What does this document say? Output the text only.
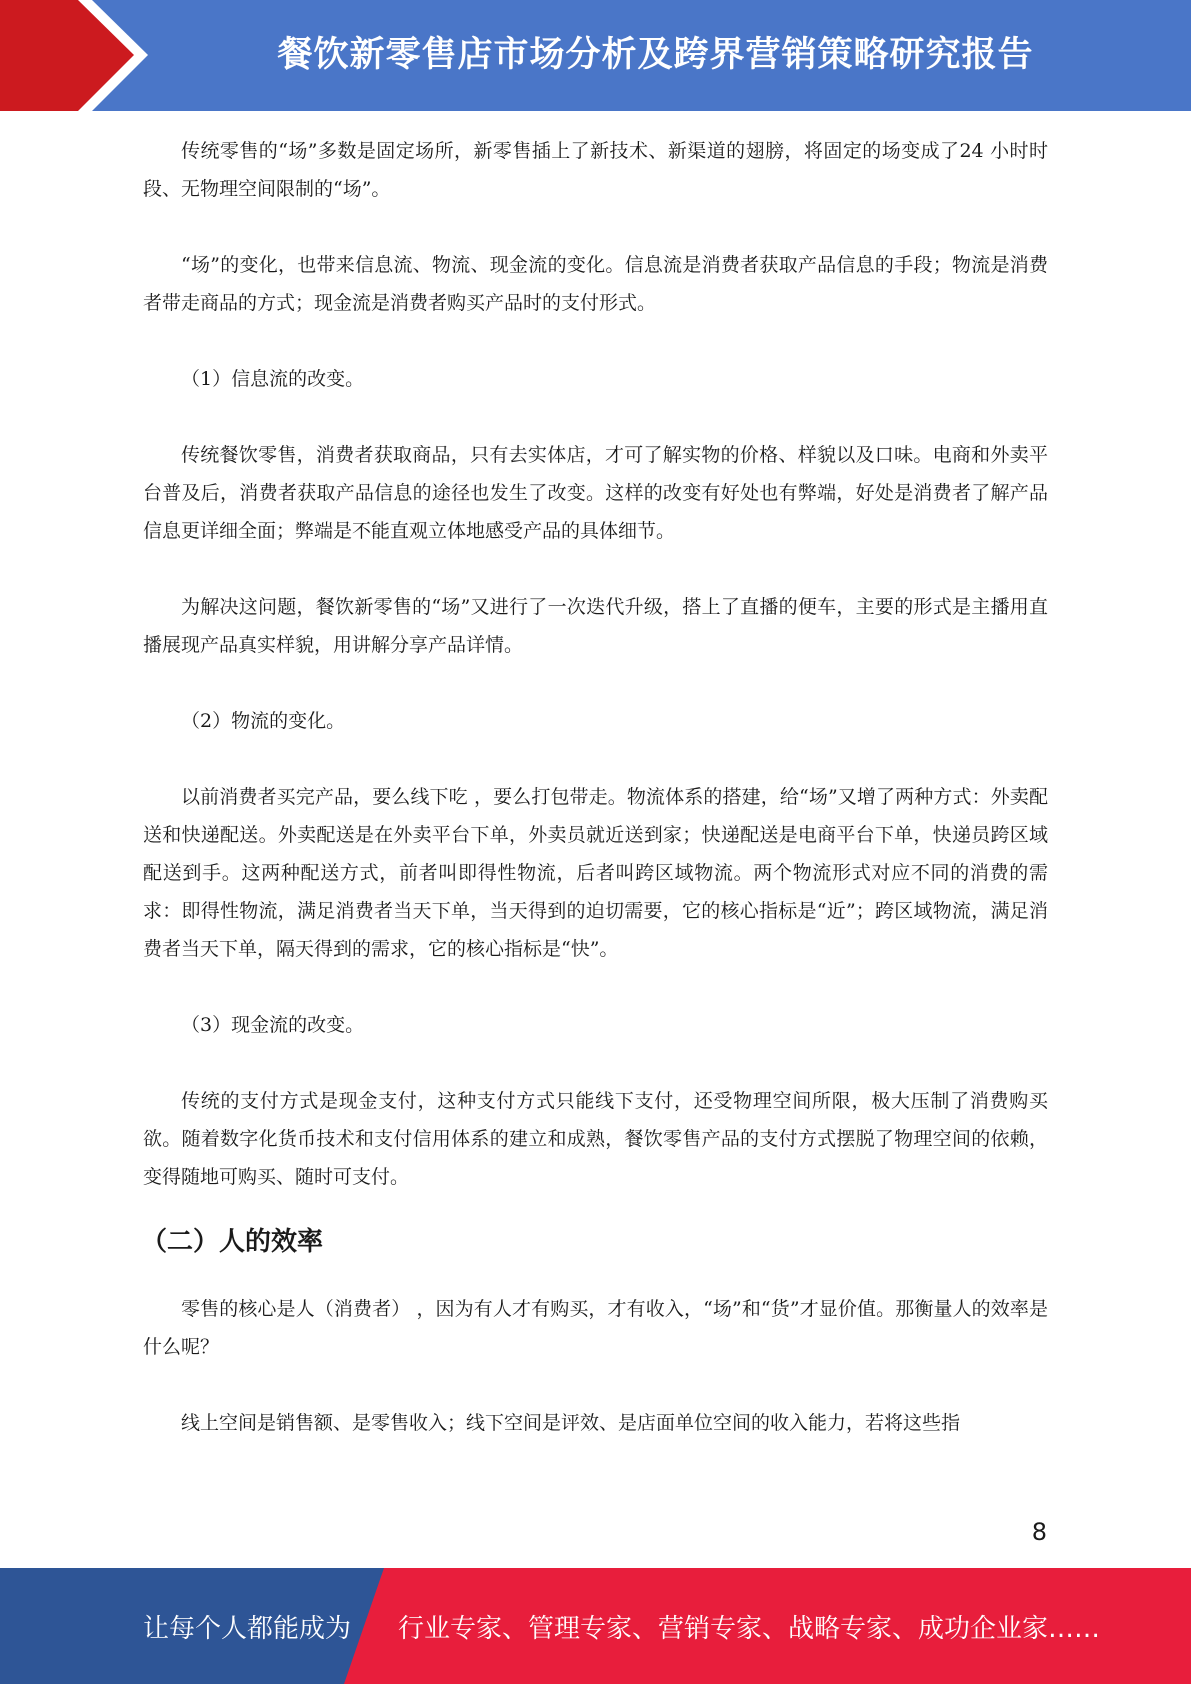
餐饮新零售店市场分析及跨界营销策略研究报告

传统零售的“场”多数是固定场所，新零售插上了新技术、新渠道的翅膀，将固定的场变成了24 小时时段、无物理空间限制的“场”。

“场”的变化，也带来信息流、物流、现金流的变化。信息流是消费者获取产品信息的手段；物流是消费者带走商品的方式；现金流是消费者购买产品时的支付形式。

（1）信息流的改变。

传统餐饮零售，消费者获取商品，只有去实体店，才可了解实物的价格、样貌以及口味。电商和外卖平台普及后，消费者获取产品信息的途径也发生了改变。这样的改变有好处也有弊端，好处是消费者了解产品信息更详细全面；弊端是不能直观立体地感受产品的具体细节。

为解决这问题，餐饮新零售的“场”又进行了一次迭代升级，搭上了直播的便车，主要的形式是主播用直播展现产品真实样貌，用讲解分享产品详情。

（2）物流的变化。

以前消费者买完产品，要么线下吃 ，要么打包带走。物流体系的搭建，给“场”又增了两种方式：外卖配送和快递配送。外卖配送是在外卖平台下单，外卖员就近送到家；快递配送是电商平台下单，快递员跨区域配送到手。这两种配送方式，前者叫即得性物流，后者叫跨区域物流。两个物流形式对应不同的消费的需求：即得性物流，满足消费者当天下单，当天得到的迫切需要，它的核心指标是“近”；跨区域物流，满足消费者当天下单，隔天得到的需求，它的核心指标是“快”。

（3）现金流的改变。

传统的支付方式是现金支付，这种支付方式只能线下支付，还受物理空间所限，极大压制了消费购买欲。随着数字化货币技术和支付信用体系的建立和成熟，餐饮零售产品的支付方式摆脱了物理空间的依赖，变得随地可购买、随时可支付。

（二）人的效率

零售的核心是人（消费者） ，因为有人才有购买，才有收入，“场”和“货”才显价值。那衡量人的效率是什么呢？

线上空间是销售额、是零售收入；线下空间是评效、是店面单位空间的收入能力，若将这些指

8
让每个人都能成为 行业专家、管理专家、营销专家、战略专家、成功企业家……
